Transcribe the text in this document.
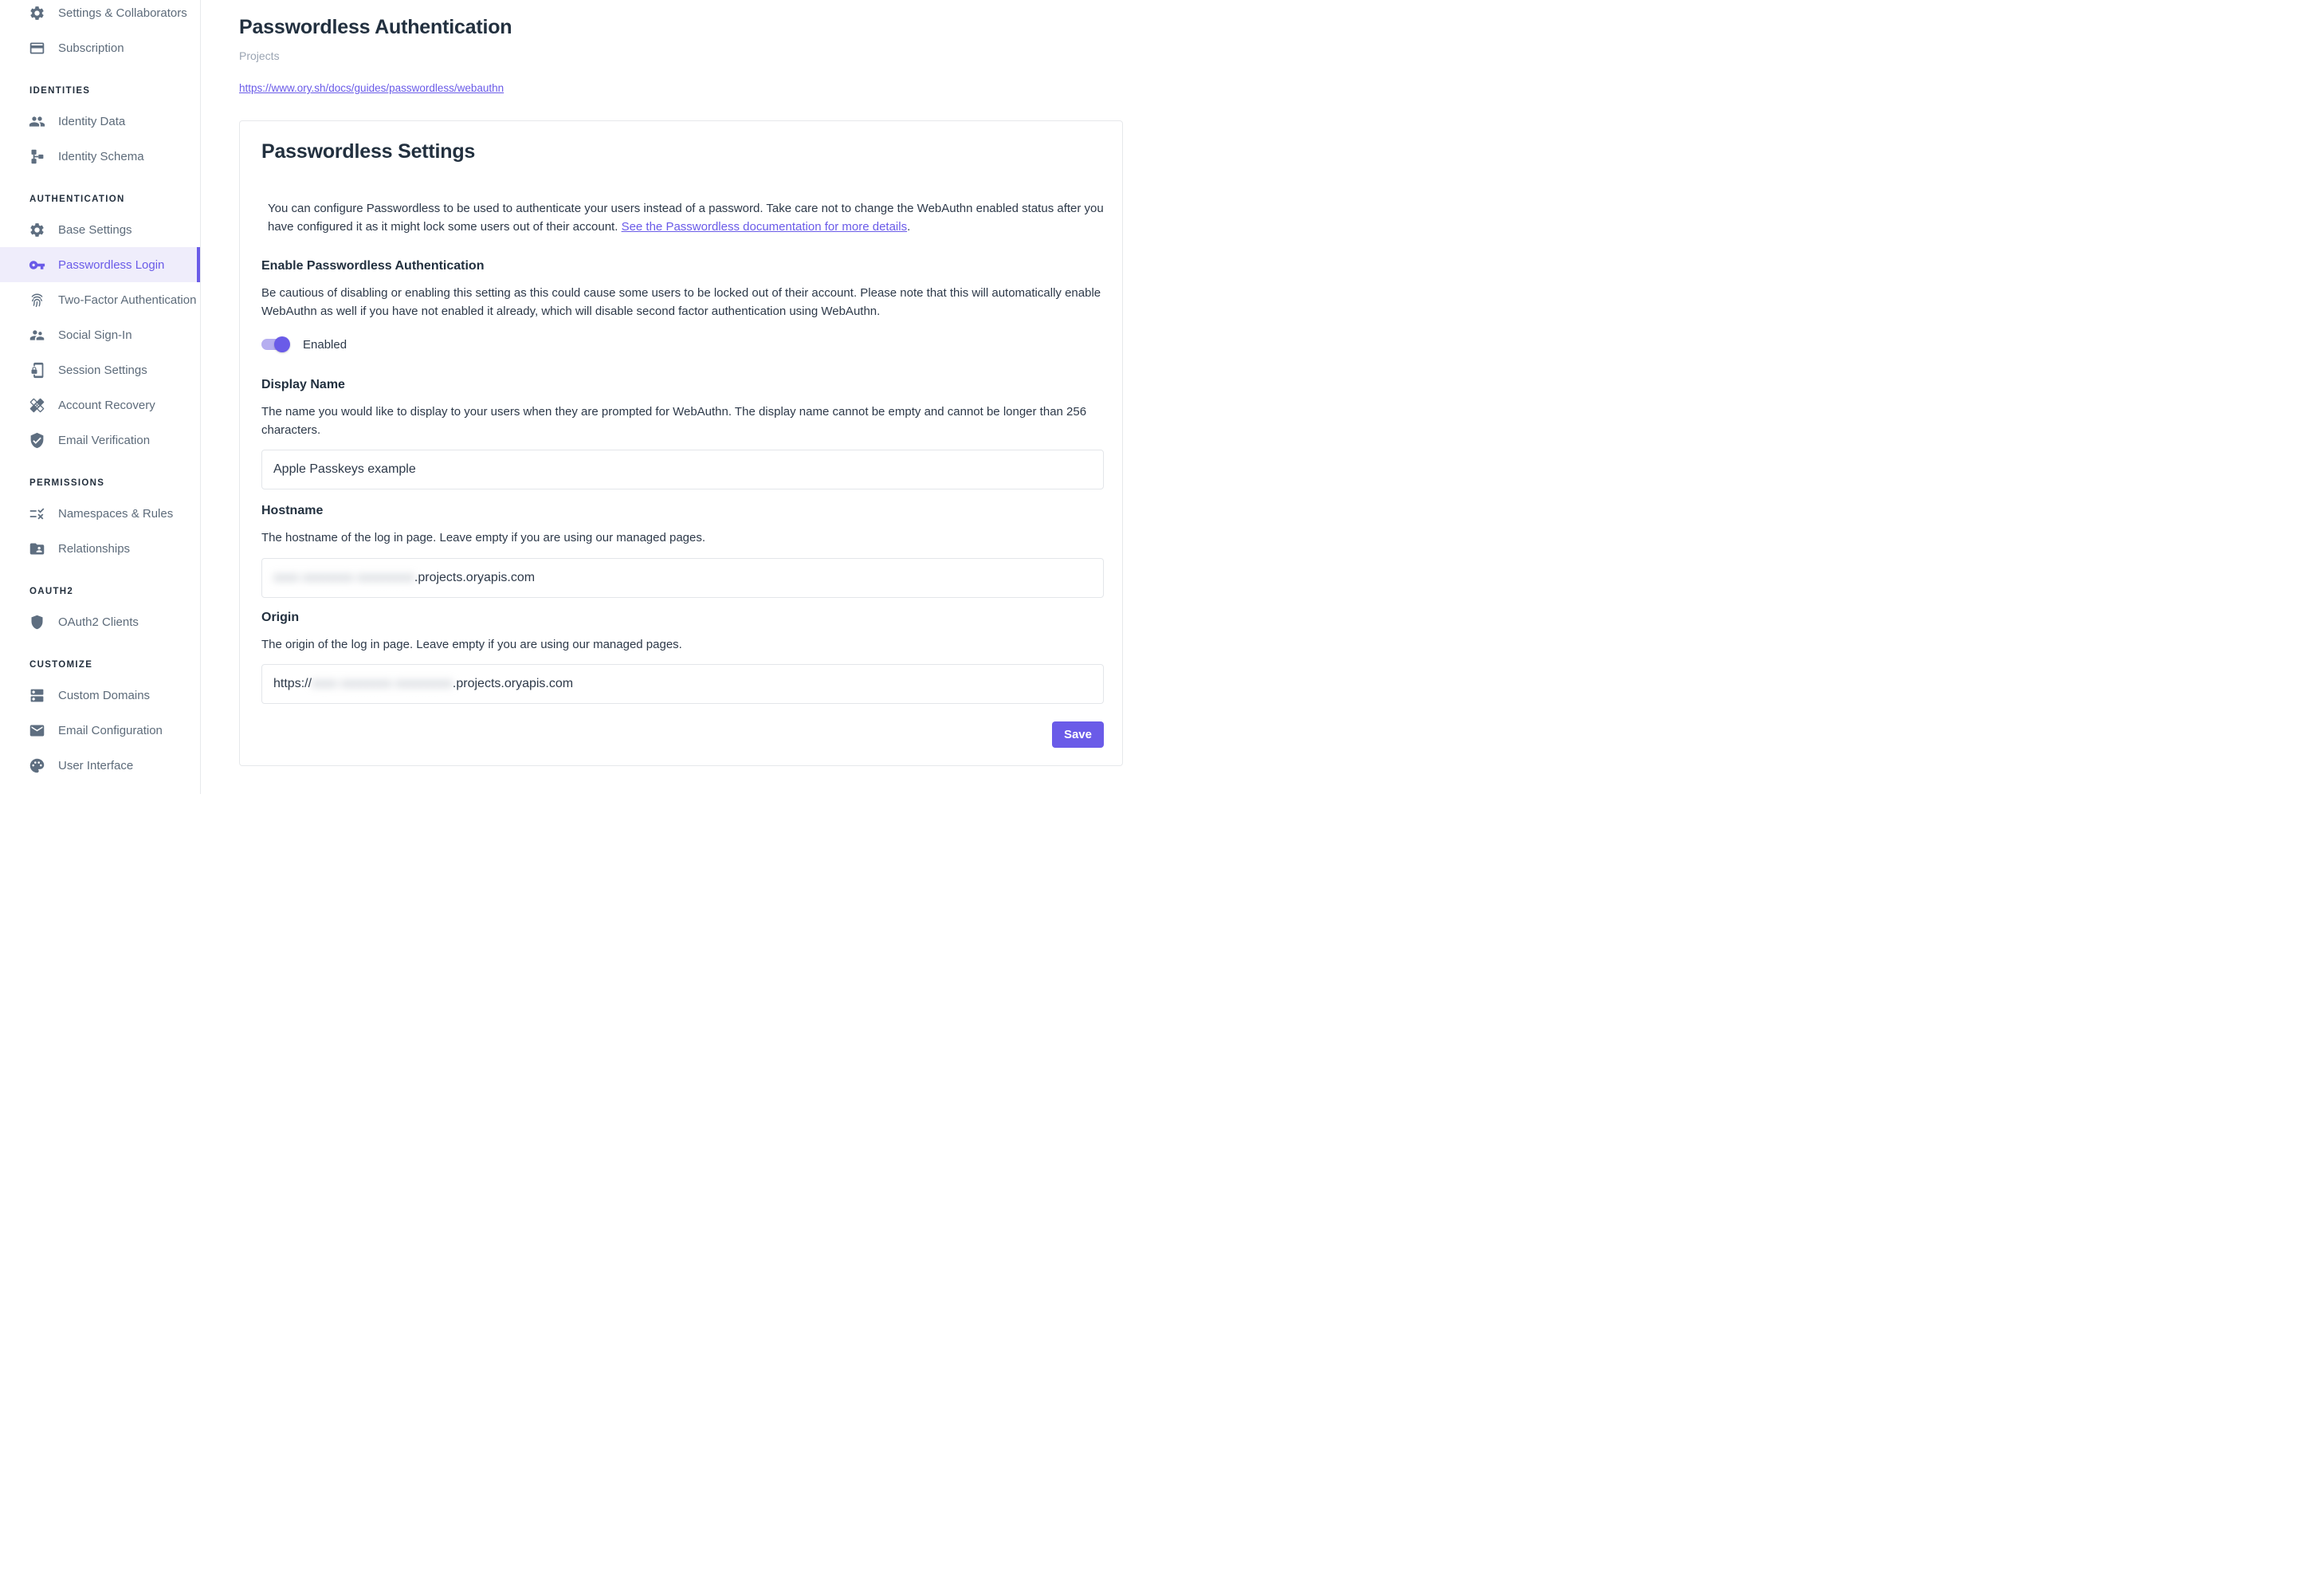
Settings & Collaborators
Subscription
IDENTITIES
Identity Data
Identity Schema
AUTHENTICATION
Base Settings
Passwordless Login
Two-Factor Authentication
Social Sign-In
Session Settings
Account Recovery
Email Verification
PERMISSIONS
Namespaces & Rules
Relationships
OAUTH2
OAuth2 Clients
CUSTOMIZE
Custom Domains
Email Configuration
User Interface
Passwordless Authentication
Projects
https://www.ory.sh/docs/guides/passwordless/webauthn
Passwordless Settings

You can configure Passwordless to be used to authenticate your users instead of a password. Take care not to change the WebAuthn enabled status after you have configured it as it might lock some users out of their account. See the Passwordless documentation for more details.

Enable Passwordless Authentication

Be cautious of disabling or enabling this setting as this could cause some users to be locked out of their account. Please note that this will automatically enable WebAuthn as well if you have not enabled it already, which will disable second factor authentication using WebAuthn.

Enabled
Display Name

The name you would like to display to your users when they are prompted for WebAuthn. The display name cannot be empty and cannot be longer than 256 characters.

Apple Passkeys example
Hostname

The hostname of the log in page. Leave empty if you are using our managed pages.

xxxx xxxxxxxx xxxxxxxxx .projects.oryapis.com
Origin

The origin of the log in page. Leave empty if you are using our managed pages.

https:// xxxx xxxxxxxx xxxxxxxxx .projects.oryapis.com
Save
